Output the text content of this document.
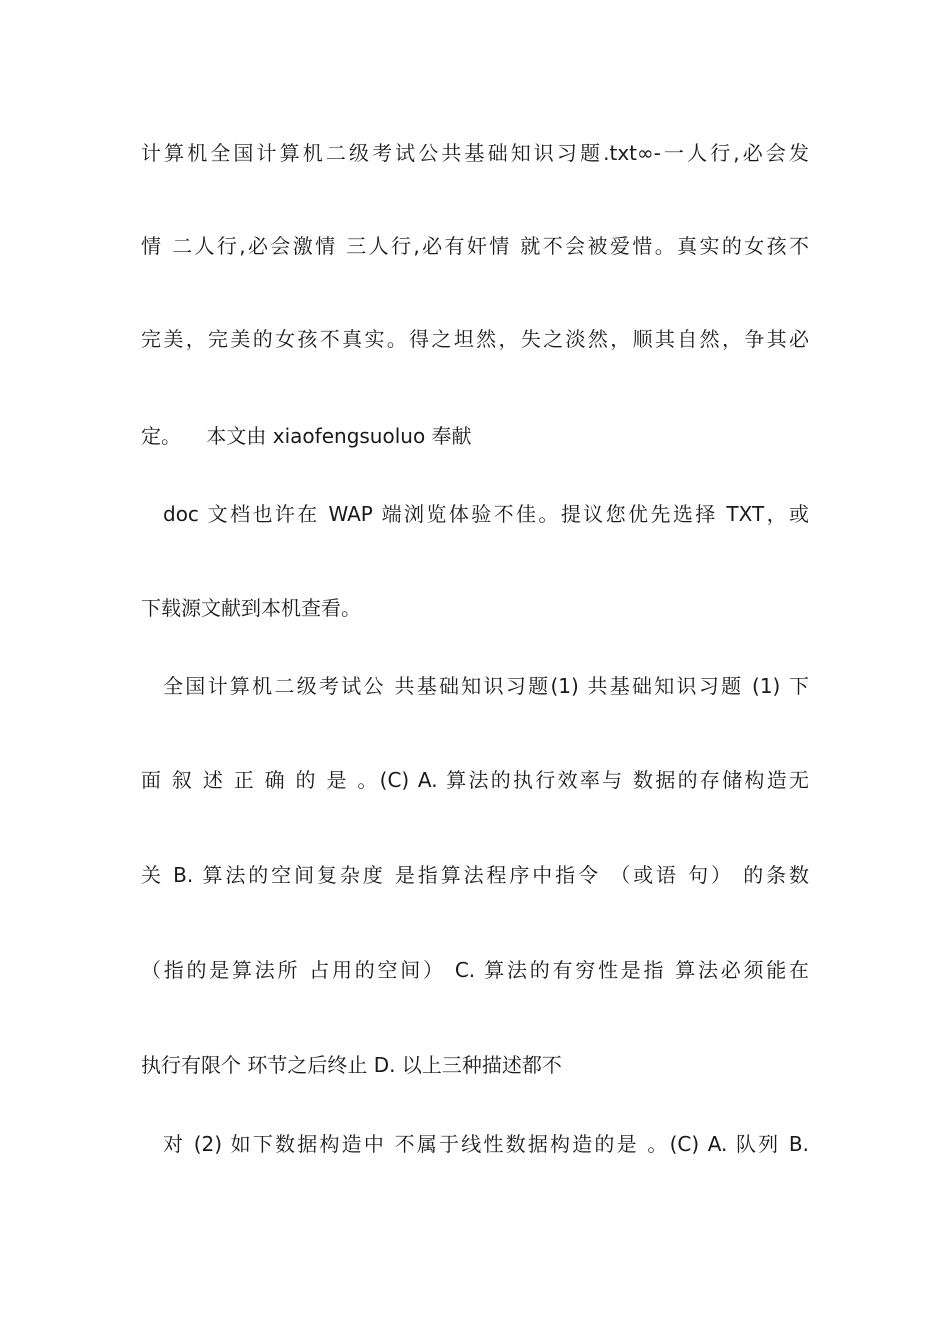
计算机全国计算机二级考试公共基础知识习题.txt∞-一人行,必会发
情 二人行,必会激情 三人行,必有奸情 就不会被爱惜。真实的女孩不
完美，完美的女孩不真实。得之坦然，失之淡然，顺其自然，争其必
定。    本文由 xiaofengsuoluo 奉献
doc 文档也许在 WAP 端浏览体验不佳。提议您优先选择 TXT，或
下载源文献到本机查看。
全国计算机二级考试公 共基础知识习题(1) 共基础知识习题 (1) 下
面 叙 述 正 确 的 是 。(C) A. 算法的执行效率与 数据的存储构造无
关 B. 算法的空间复杂度 是指算法程序中指令 （或语 句） 的条数
（指的是算法所 占用的空间） C. 算法的有穷性是指 算法必须能在
执行有限个 环节之后终止 D. 以上三种描述都不
对 (2) 如下数据构造中 不属于线性数据构造的是 。(C) A. 队列 B.
